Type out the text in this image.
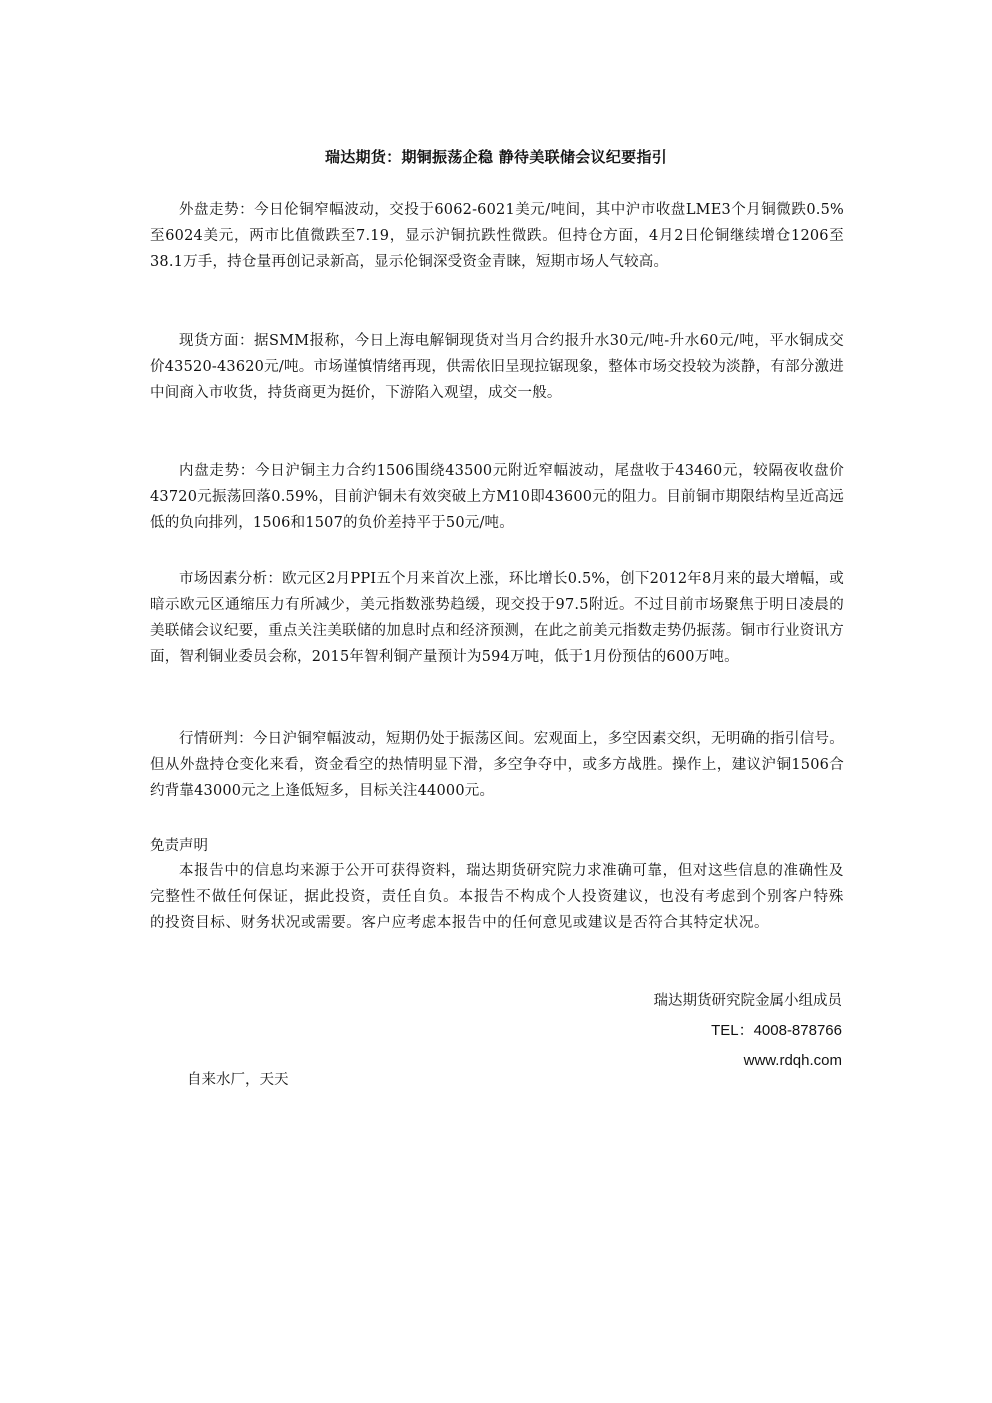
瑞达期货：期铜振荡企稳 静待美联储会议纪要指引

外盘走势：今日伦铜窄幅波动，交投于6062-6021美元/吨间，其中沪市收盘LME3个月铜微跌0.5%至6024美元，两市比值微跌至7.19，显示沪铜抗跌性微跌。但持仓方面，4月2日伦铜继续增仓1206至38.1万手，持仓量再创记录新高，显示伦铜深受资金青睐，短期市场人气较高。

现货方面：据SMM报称，今日上海电解铜现货对当月合约报升水30元/吨-升水60元/吨，平水铜成交价43520-43620元/吨。市场谨慎情绪再现，供需依旧呈现拉锯现象，整体市场交投较为淡静，有部分激进中间商入市收货，持货商更为挺价，下游陷入观望，成交一般。

内盘走势：今日沪铜主力合约1506围绕43500元附近窄幅波动，尾盘收于43460元，较隔夜收盘价43720元振荡回落0.59%，目前沪铜未有效突破上方M10即43600元的阻力。目前铜市期限结构呈近高远低的负向排列，1506和1507的负价差持平于50元/吨。

市场因素分析：欧元区2月PPI五个月来首次上涨，环比增长0.5%，创下2012年8月来的最大增幅，或暗示欧元区通缩压力有所减少，美元指数涨势趋缓，现交投于97.5附近。不过目前市场聚焦于明日凌晨的美联储会议纪要，重点关注美联储的加息时点和经济预测，在此之前美元指数走势仍振荡。铜市行业资讯方面，智利铜业委员会称，2015年智利铜产量预计为594万吨，低于1月份预估的600万吨。

行情研判：今日沪铜窄幅波动，短期仍处于振荡区间。宏观面上，多空因素交织，无明确的指引信号。但从外盘持仓变化来看，资金看空的热情明显下滑，多空争夺中，或多方战胜。操作上，建议沪铜1506合约背靠43000元之上逢低短多，目标关注44000元。

免责声明

本报告中的信息均来源于公开可获得资料，瑞达期货研究院力求准确可靠，但对这些信息的准确性及完整性不做任何保证，据此投资，责任自负。本报告不构成个人投资建议，也没有考虑到个别客户特殊的投资目标、财务状况或需要。客户应考虑本报告中的任何意见或建议是否符合其特定状况。

瑞达期货研究院金属小组成员
TEL：4008-878766
www.rdqh.com
自来水厂，天天
